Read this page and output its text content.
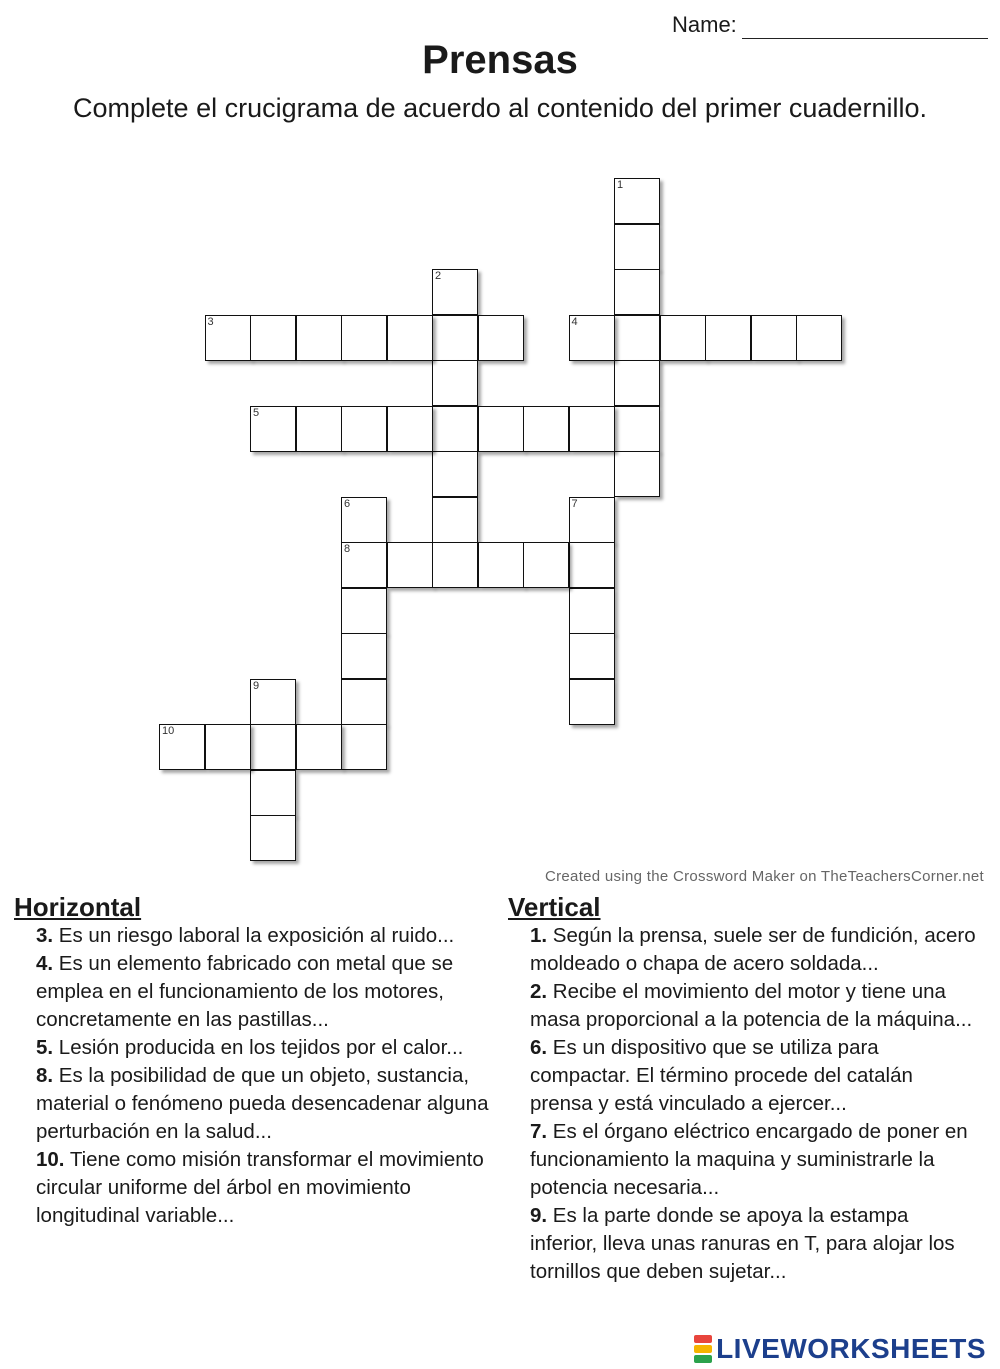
Name:
Prensas
Complete el crucigrama de acuerdo al contenido del primer cuadernillo.
1
2
3	4
5
6
8
7
9
10
Created using the Crossword Maker on TheTeachersCorner.net
Horizontal
3. Es un riesgo laboral la exposición al ruido...
4. Es un elemento fabricado con metal que se emplea en el funcionamiento de los motores, concretamente en las pastillas...
5. Lesión producida en los tejidos por el calor...
8. Es la posibilidad de que un objeto, sustancia, material o fenómeno pueda desencadenar alguna perturbación en la salud...
10. Tiene como misión transformar el movimiento circular uniforme del árbol en movimiento longitudinal variable...
Vertical
1. Según la prensa, suele ser de fundición, acero moldeado o chapa de acero soldada...
2. Recibe el movimiento del motor y tiene una masa proporcional a la potencia de la máquina...
6. Es un dispositivo que se utiliza para compactar. El término procede del catalán prensa y está vinculado a ejercer...
7. Es el órgano eléctrico encargado de poner en funcionamiento la maquina y suministrarle la potencia necesaria...
9. Es la parte donde se apoya la estampa inferior, lleva unas ranuras en T, para alojar los tornillos que deben sujetar...
LIVEWORKSHEETS
